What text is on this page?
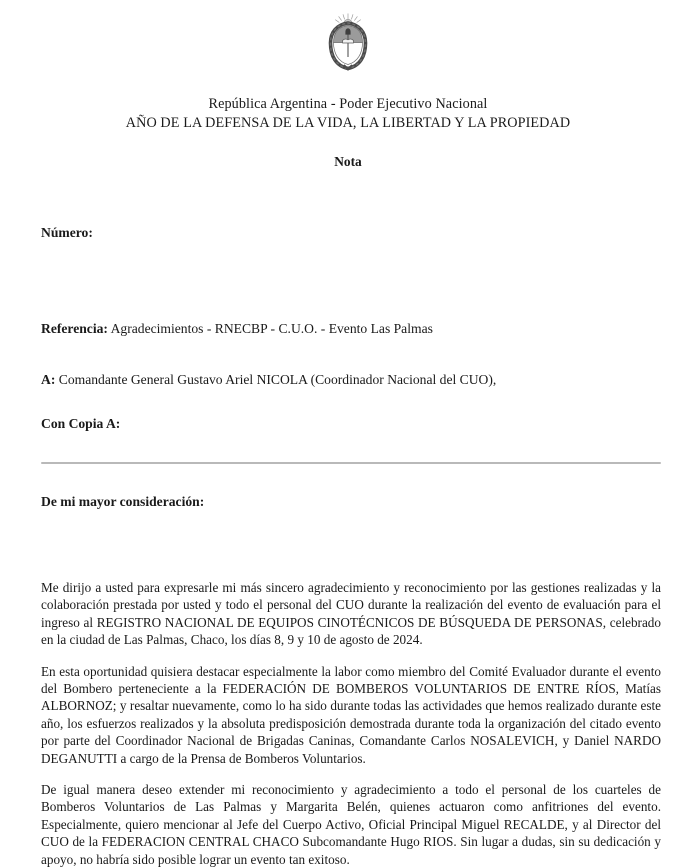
República Argentina - Poder Ejecutivo Nacional
AÑO DE LA DEFENSA DE LA VIDA, LA LIBERTAD Y LA PROPIEDAD
Nota
Número:
Referencia: Agradecimientos - RNECBP - C.U.O. - Evento Las Palmas
A: Comandante General Gustavo Ariel NICOLA (Coordinador Nacional del CUO),
Con Copia A:
De mi mayor consideración:

Me dirijo a usted para expresarle mi más sincero agradecimiento y reconocimiento por las gestiones realizadas y la colaboración prestada por usted y todo el personal del CUO durante la realización del evento de evaluación para el ingreso al REGISTRO NACIONAL DE EQUIPOS CINOTÉCNICOS DE BÚSQUEDA DE PERSONAS, celebrado en la ciudad de Las Palmas, Chaco, los días 8, 9 y 10 de agosto de 2024.

En esta oportunidad quisiera destacar especialmente la labor como miembro del Comité Evaluador durante el evento del Bombero perteneciente a la FEDERACIÓN DE BOMBEROS VOLUNTARIOS DE ENTRE RÍOS, Matías ALBORNOZ; y resaltar nuevamente, como lo ha sido durante todas las actividades que hemos realizado durante este año, los esfuerzos realizados y la absoluta predisposición demostrada durante toda la organización del citado evento por parte del Coordinador Nacional de Brigadas Caninas, Comandante Carlos NOSALEVICH, y Daniel NARDO DEGANUTTI a cargo de la Prensa de Bomberos Voluntarios.

De igual manera deseo extender mi reconocimiento y agradecimiento a todo el personal de los cuarteles de Bomberos Voluntarios de Las Palmas y Margarita Belén, quienes actuaron como anfitriones del evento. Especialmente, quiero mencionar al Jefe del Cuerpo Activo, Oficial Principal Miguel RECALDE, y al Director del CUO de la FEDERACION CENTRAL CHACO Subcomandante Hugo RIOS. Sin lugar a dudas, sin su dedicación y apoyo, no habría sido posible lograr un evento tan exitoso.
